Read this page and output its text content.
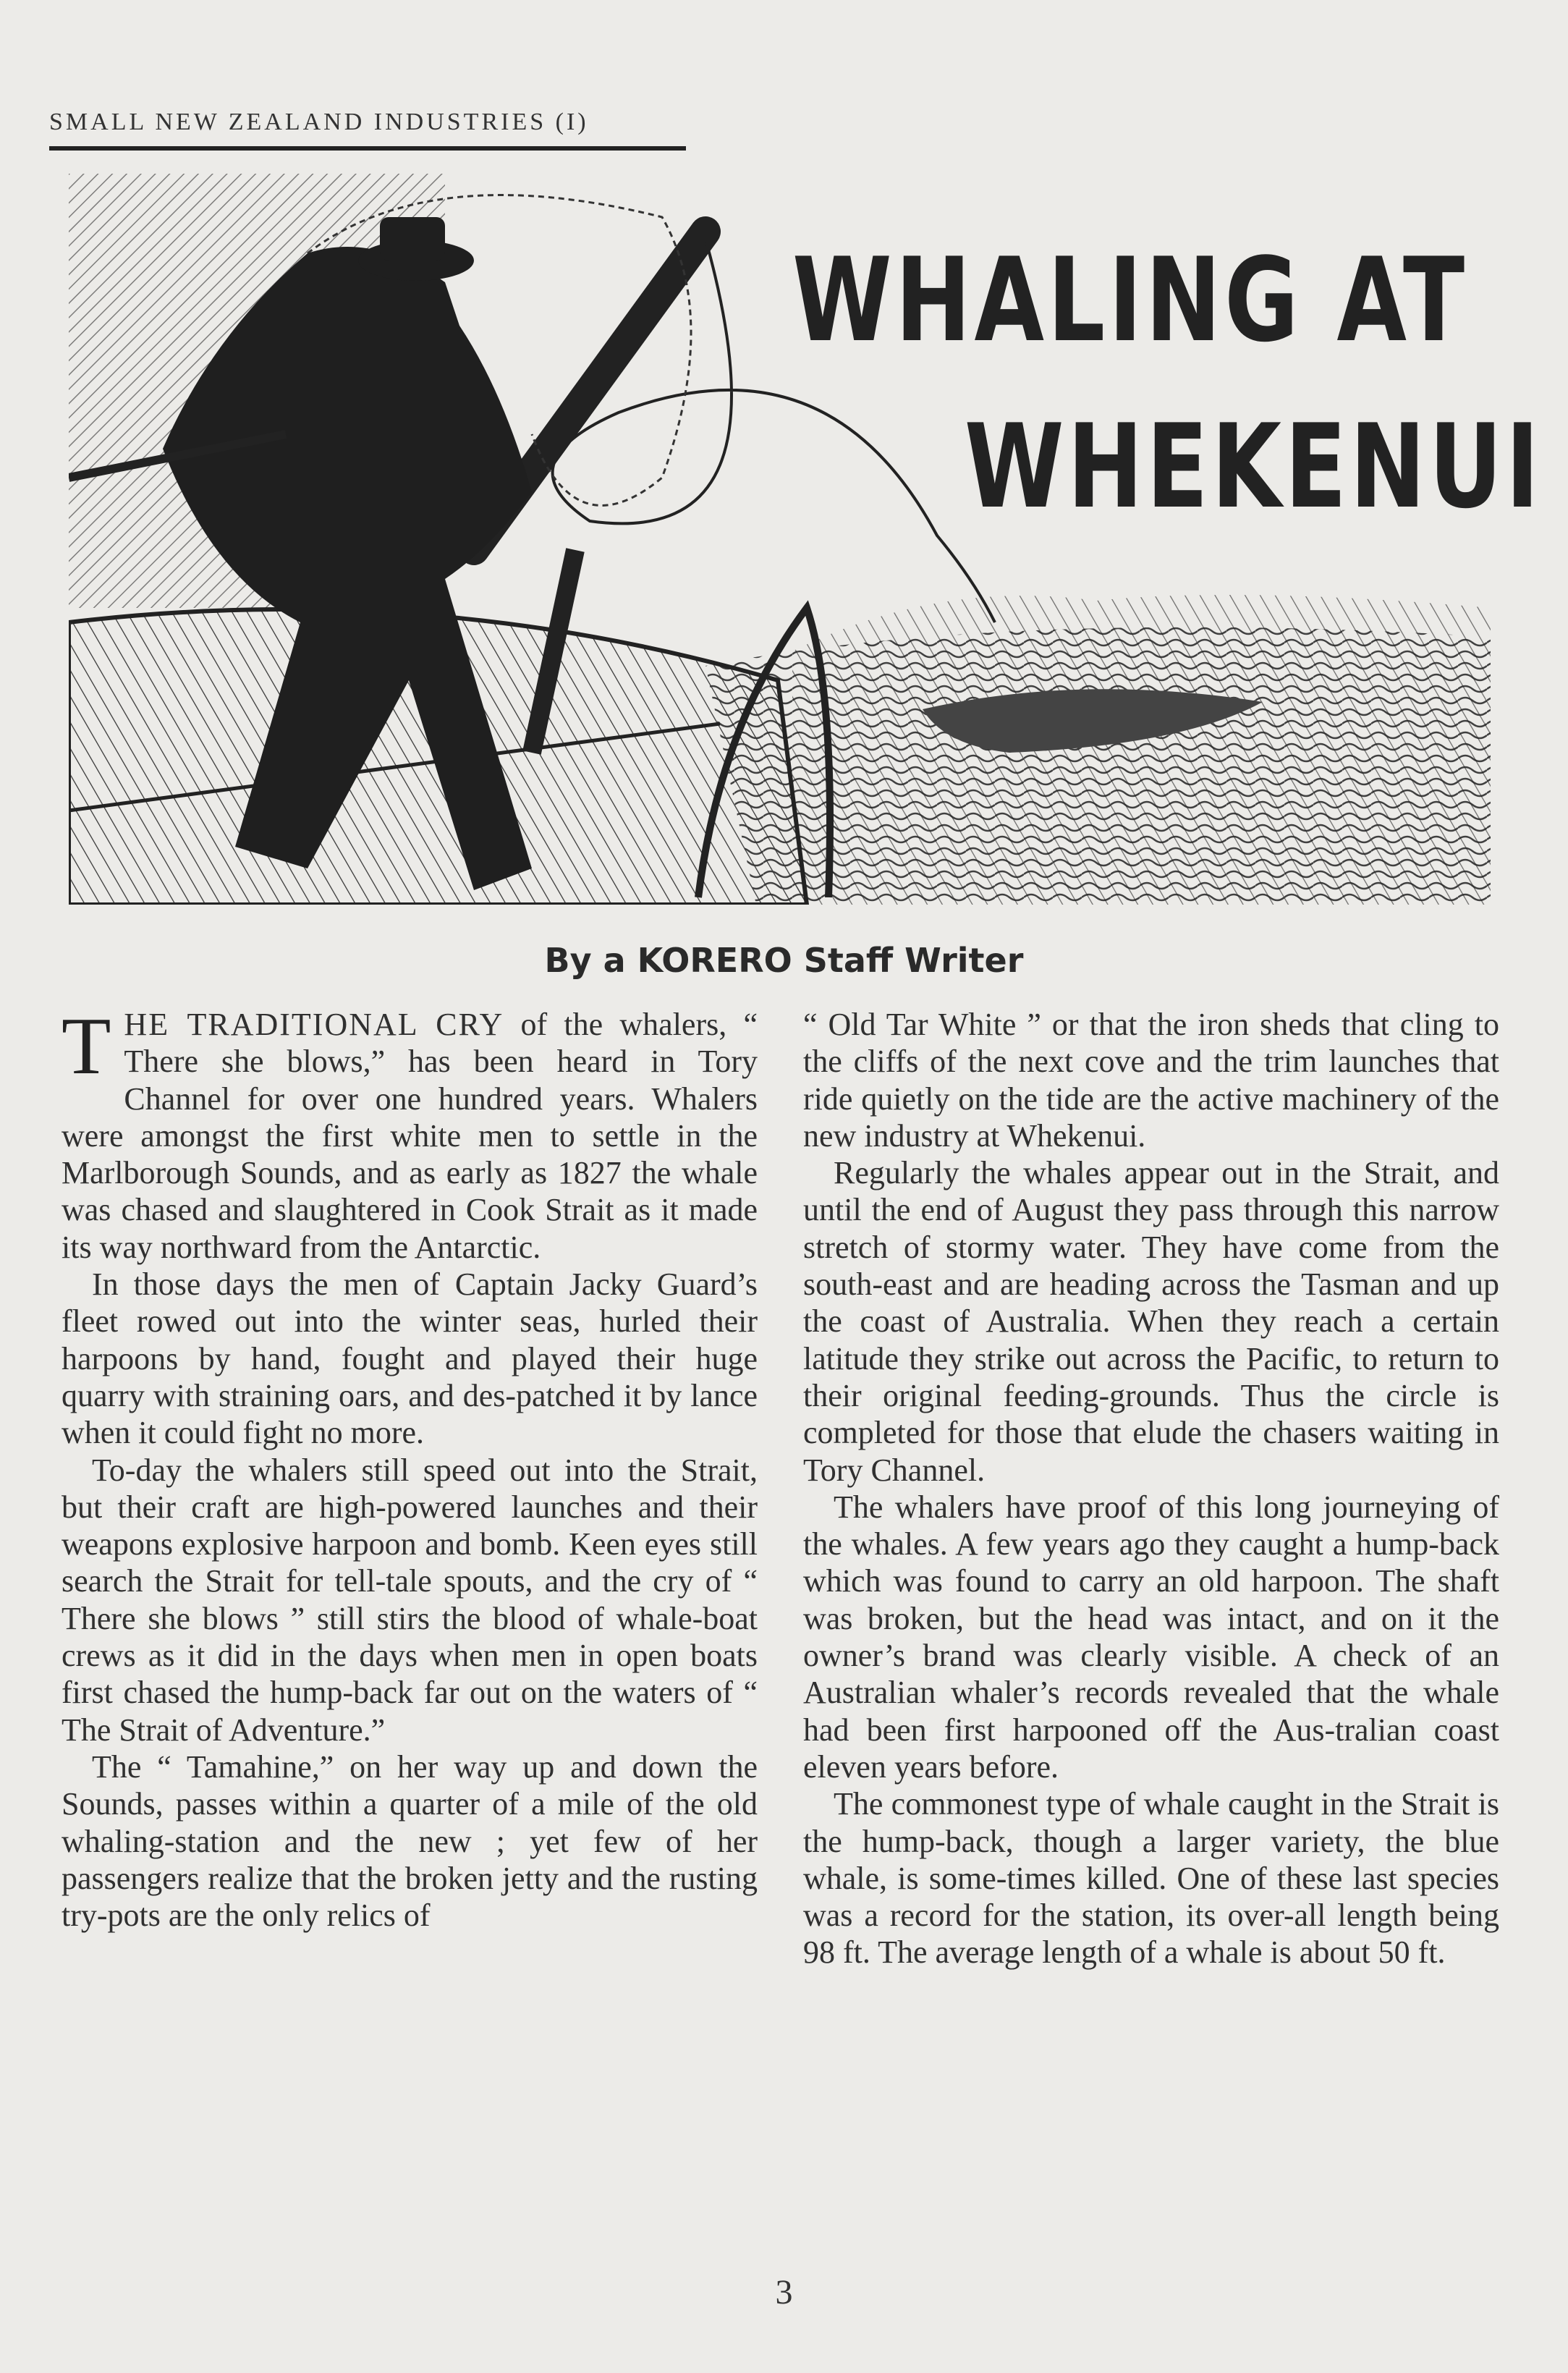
SMALL NEW ZEALAND INDUSTRIES (I)
WHALING AT
WHEKENUI
By a KORERO Staff Writer

THE TRADITIONAL CRY of the whalers, “ There she blows,” has been heard in Tory Channel for over one hundred years. Whalers were amongst the first white men to settle in the Marlborough Sounds, and as early as 1827 the whale was chased and slaughtered in Cook Strait as it made its way northward from the Antarctic.

In those days the men of Captain Jacky Guard’s fleet rowed out into the winter seas, hurled their harpoons by hand, fought and played their huge quarry with straining oars, and des-patched it by lance when it could fight no more.

To-day the whalers still speed out into the Strait, but their craft are high-powered launches and their weapons explosive harpoon and bomb. Keen eyes still search the Strait for tell-tale spouts, and the cry of “ There she blows ” still stirs the blood of whale-boat crews as it did in the days when men in open boats first chased the hump-back far out on the waters of “ The Strait of Adventure.”

The “ Tamahine,” on her way up and down the Sounds, passes within a quarter of a mile of the old whaling-station and the new ; yet few of her passengers realize that the broken jetty and the rusting try-pots are the only relics of

“ Old Tar White ” or that the iron sheds that cling to the cliffs of the next cove and the trim launches that ride quietly on the tide are the active machinery of the new industry at Whekenui.

Regularly the whales appear out in the Strait, and until the end of August they pass through this narrow stretch of stormy water. They have come from the south-east and are heading across the Tasman and up the coast of Australia. When they reach a certain latitude they strike out across the Pacific, to return to their original feeding-grounds. Thus the circle is completed for those that elude the chasers waiting in Tory Channel.

The whalers have proof of this long journeying of the whales. A few years ago they caught a hump-back which was found to carry an old harpoon. The shaft was broken, but the head was intact, and on it the owner’s brand was clearly visible. A check of an Australian whaler’s records revealed that the whale had been first harpooned off the Aus-tralian coast eleven years before.

The commonest type of whale caught in the Strait is the hump-back, though a larger variety, the blue whale, is some-times killed. One of these last species was a record for the station, its over-all length being 98 ft. The average length of a whale is about 50 ft.

3
